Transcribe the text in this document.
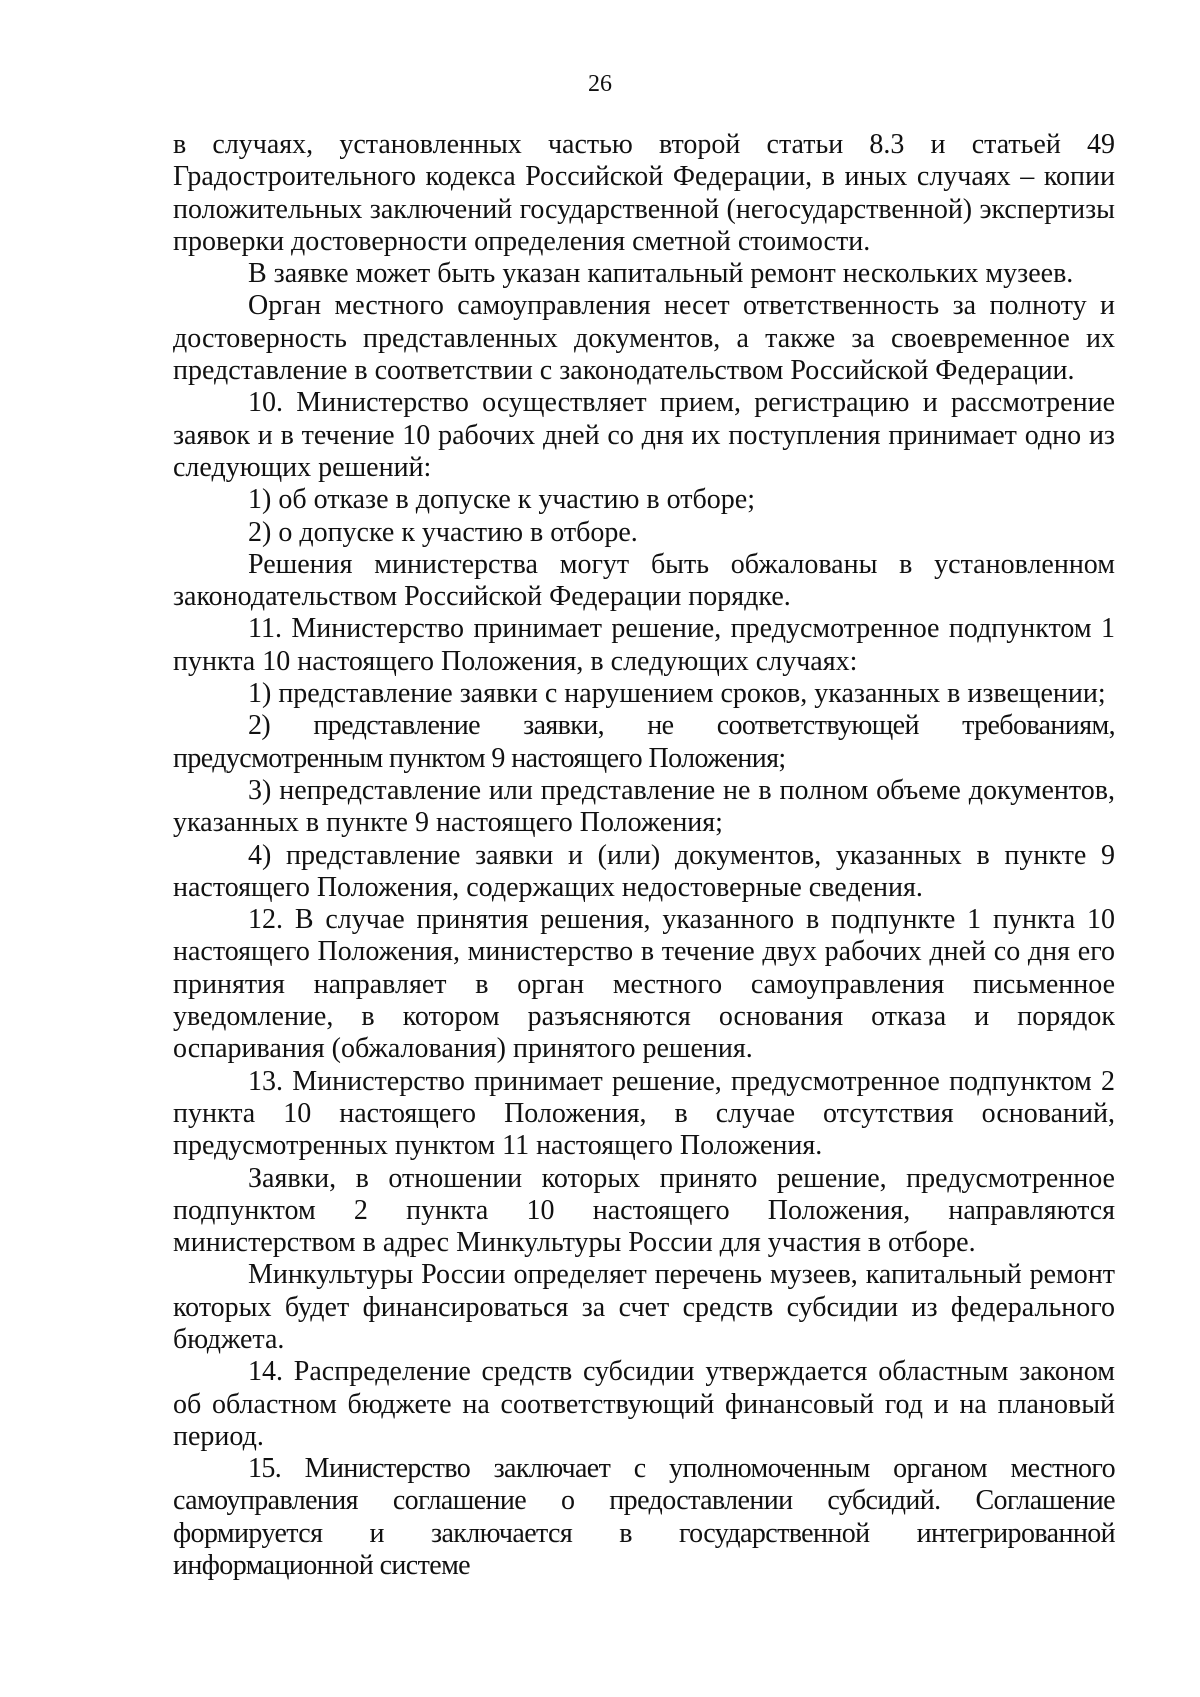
26

в случаях, установленных частью второй статьи 8.3 и статьей 49 Градостроительного кодекса Российской Федерации, в иных случаях – копии положительных заключений государственной (негосударственной) экспертизы проверки достоверности определения сметной стоимости.

В заявке может быть указан капитальный ремонт нескольких музеев.

Орган местного самоуправления несет ответственность за полноту и достоверность представленных документов, а также за своевременное их представление в соответствии с законодательством Российской Федерации.

10. Министерство осуществляет прием, регистрацию и рассмотрение заявок и в течение 10 рабочих дней со дня их поступления принимает одно из следующих решений:

1) об отказе в допуске к участию в отборе;

2) о допуске к участию в отборе.

Решения министерства могут быть обжалованы в установленном законодательством Российской Федерации порядке.

11. Министерство принимает решение, предусмотренное подпунктом 1 пункта 10 настоящего Положения, в следующих случаях:

1) представление заявки с нарушением сроков, указанных в извещении;

2) представление заявки, не соответствующей требованиям, предусмотренным пунктом 9 настоящего Положения;

3) непредставление или представление не в полном объеме документов, указанных в пункте 9 настоящего Положения;

4) представление заявки и (или) документов, указанных в пункте 9 настоящего Положения, содержащих недостоверные сведения.

12. В случае принятия решения, указанного в подпункте 1 пункта 10 настоящего Положения, министерство в течение двух рабочих дней со дня его принятия направляет в орган местного самоуправления письменное уведомление, в котором разъясняются основания отказа и порядок оспаривания (обжалования) принятого решения.

13. Министерство принимает решение, предусмотренное подпунктом 2 пункта 10 настоящего Положения, в случае отсутствия оснований, предусмотренных пунктом 11 настоящего Положения.

Заявки, в отношении которых принято решение, предусмотренное подпунктом 2 пункта 10 настоящего Положения, направляются министерством в адрес Минкультуры России для участия в отборе.

Минкультуры России определяет перечень музеев, капитальный ремонт которых будет финансироваться за счет средств субсидии из федерального бюджета.

14. Распределение средств субсидии утверждается областным законом об областном бюджете на соответствующий финансовый год и на плановый период.

15. Министерство заключает с уполномоченным органом местного самоуправления соглашение о предоставлении субсидий. Соглашение формируется и заключается в государственной интегрированной информационной системе
